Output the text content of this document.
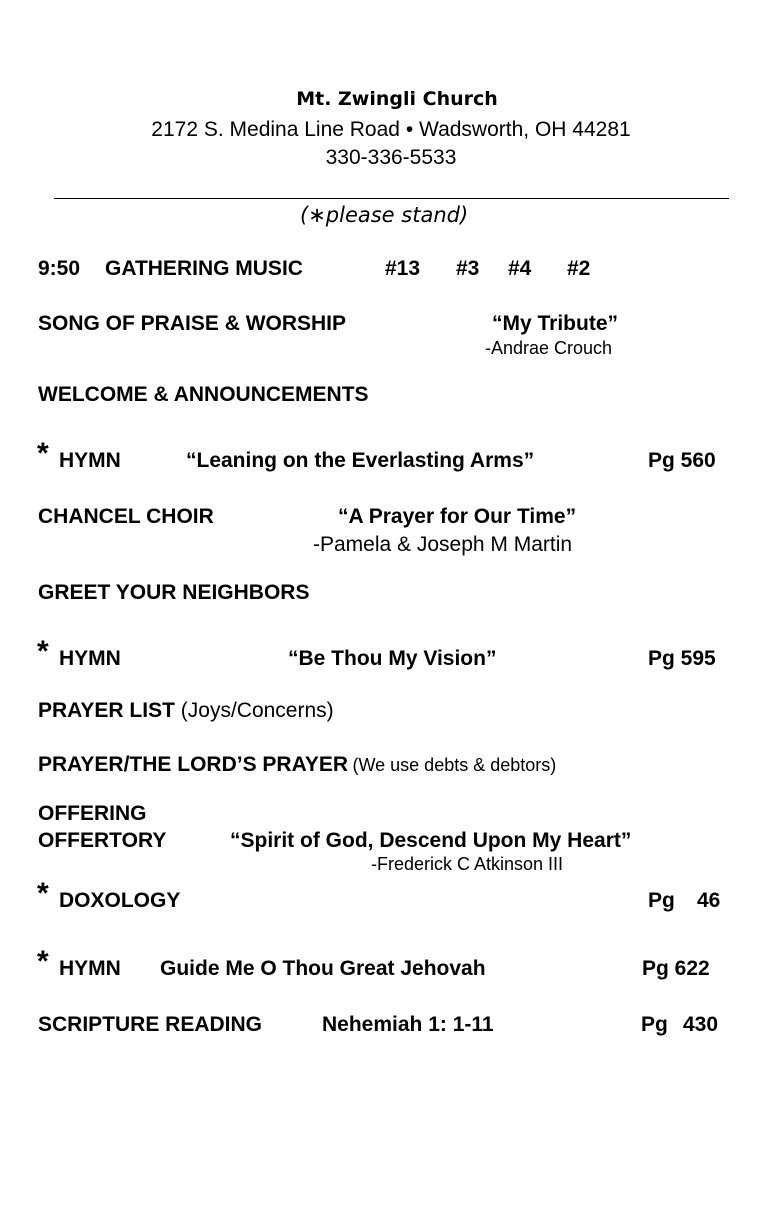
Mt. Zwingli Church
2172 S. Medina Line Road • Wadsworth, OH 44281
330-336-5533
(∗please stand)
9:50 GATHERING MUSIC	#13 #3 #4 #2
SONG OF PRAISE & WORSHIP	“My Tribute”
-Andrae Crouch
WELCOME & ANNOUNCEMENTS
* HYMN	“Leaning on the Everlasting Arms”	Pg 560
CHANCEL CHOIR	“A Prayer for Our Time”
-Pamela & Joseph M Martin
GREET YOUR NEIGHBORS
* HYMN	“Be Thou My Vision”	Pg 595
PRAYER LIST (Joys/Concerns)
PRAYER/THE LORD’S PRAYER (We use debts & debtors)
OFFERING
OFFERTORY	“Spirit of God, Descend Upon My Heart”
-Frederick C Atkinson III
* DOXOLOGY	Pg 46
* HYMN Guide Me O Thou Great Jehovah	Pg 622
SCRIPTURE READING	Nehemiah 1: 1-11	Pg 430
